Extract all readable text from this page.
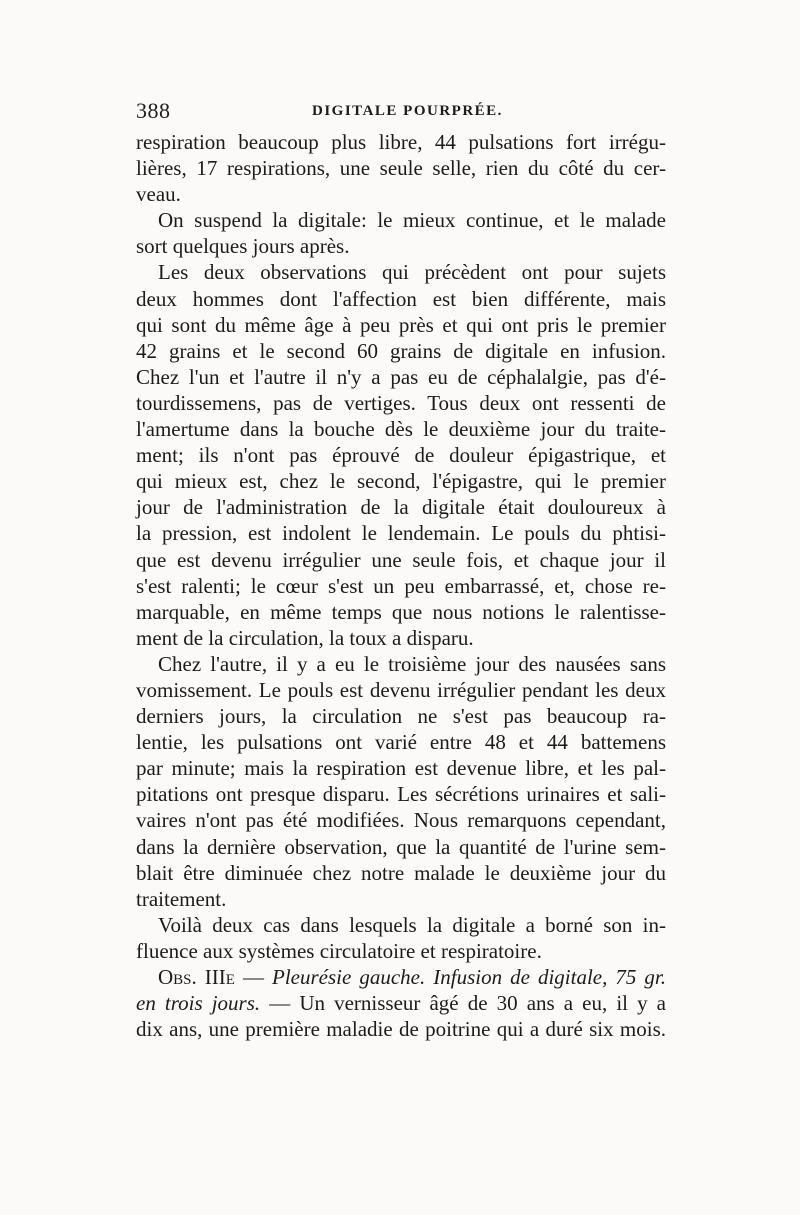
388	DIGITALE POURPRÉE.
respiration beaucoup plus libre, 44 pulsations fort irrégu-
lières, 17 respirations, une seule selle, rien du côté du cer-
veau.
On suspend la digitale: le mieux continue, et le malade
sort quelques jours après.
Les deux observations qui précèdent ont pour sujets
deux hommes dont l'affection est bien différente, mais
qui sont du même âge à peu près et qui ont pris le premier
42 grains et le second 60 grains de digitale en infusion.
Chez l'un et l'autre il n'y a pas eu de céphalalgie, pas d'é-
tourdissemens, pas de vertiges. Tous deux ont ressenti de
l'amertume dans la bouche dès le deuxième jour du traite-
ment; ils n'ont pas éprouvé de douleur épigastrique, et
qui mieux est, chez le second, l'épigastre, qui le premier
jour de l'administration de la digitale était douloureux à
la pression, est indolent le lendemain. Le pouls du phtisi-
que est devenu irrégulier une seule fois, et chaque jour il
s'est ralenti; le cœur s'est un peu embarrassé, et, chose re-
marquable, en même temps que nous notions le ralentisse-
ment de la circulation, la toux a disparu.
Chez l'autre, il y a eu le troisième jour des nausées sans
vomissement. Le pouls est devenu irrégulier pendant les deux
derniers jours, la circulation ne s'est pas beaucoup ra-
lentie, les pulsations ont varié entre 48 et 44 battemens
par minute; mais la respiration est devenue libre, et les pal-
pitations ont presque disparu. Les sécrétions urinaires et sali-
vaires n'ont pas été modifiées. Nous remarquons cependant,
dans la dernière observation, que la quantité de l'urine sem-
blait être diminuée chez notre malade le deuxième jour du
traitement.
Voilà deux cas dans lesquels la digitale a borné son in-
fluence aux systèmes circulatoire et respiratoire.
Obs. IIIe — Pleurésie gauche. Infusion de digitale, 75 gr.
en trois jours. — Un vernisseur âgé de 30 ans a eu, il y a
dix ans, une première maladie de poitrine qui a duré six mois.
